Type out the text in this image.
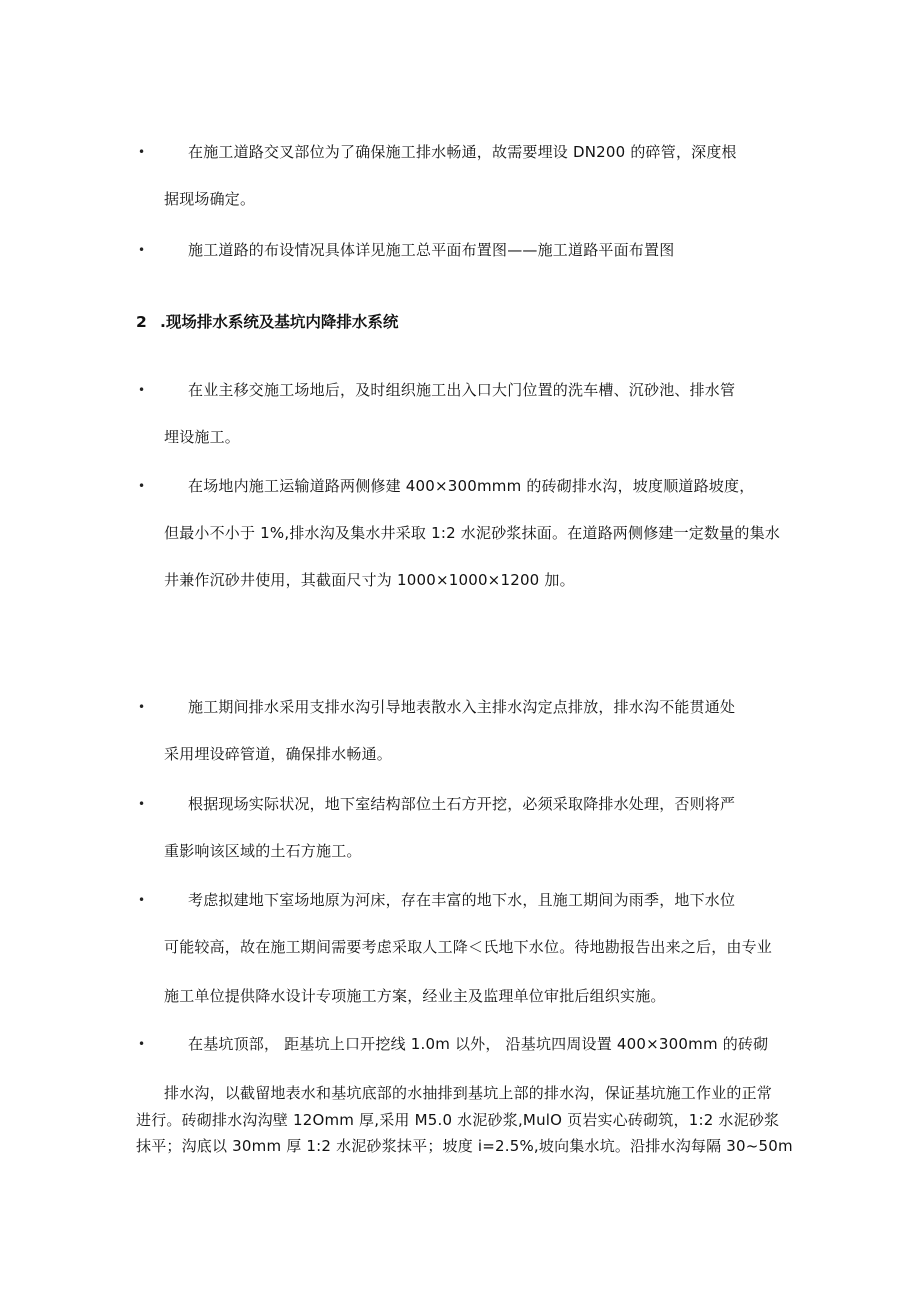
•	在施工道路交叉部位为了确保施工排水畅通，故需要埋设 DN200 的碎管，深度根
据现场确定。
•	施工道路的布设情况具体详见施工总平面布置图——施工道路平面布置图
2 .现场排水系统及基坑内降排水系统
•	在业主移交施工场地后，及时组织施工出入口大门位置的洗车槽、沉砂池、排水管
埋设施工。
•	在场地内施工运输道路两侧修建 400×300mmm 的砖砌排水沟，坡度顺道路坡度，
但最小不小于 1%,排水沟及集水井采取 1:2 水泥砂浆抹面。在道路两侧修建一定数量的集水
井兼作沉砂井使用，其截面尺寸为 1000×1000×1200 加。
•	施工期间排水采用支排水沟引导地表散水入主排水沟定点排放，排水沟不能贯通处
采用埋设碎管道，确保排水畅通。
•	根据现场实际状况，地下室结构部位土石方开挖，必须采取降排水处理，否则将严
重影响该区域的土石方施工。
•	考虑拟建地下室场地原为河床，存在丰富的地下水，且施工期间为雨季，地下水位
可能较高，故在施工期间需要考虑采取人工降＜氏地下水位。待地勘报告出来之后，由专业
施工单位提供降水设计专项施工方案，经业主及监理单位审批后组织实施。
•	在基坑顶部， 距基坑上口开挖线 1.0m 以外， 沿基坑四周设置 400×300mm 的砖砌
排水沟，以截留地表水和基坑底部的水抽排到基坑上部的排水沟，保证基坑施工作业的正常
进行。砖砌排水沟沟壁 12Omm 厚,采用 M5.0 水泥砂浆,MulO 页岩实心砖砌筑，1:2 水泥砂浆
抹平；沟底以 30mm 厚 1:2 水泥砂浆抹平；坡度 i=2.5%,坡向集水坑。沿排水沟每隔 30~50m
